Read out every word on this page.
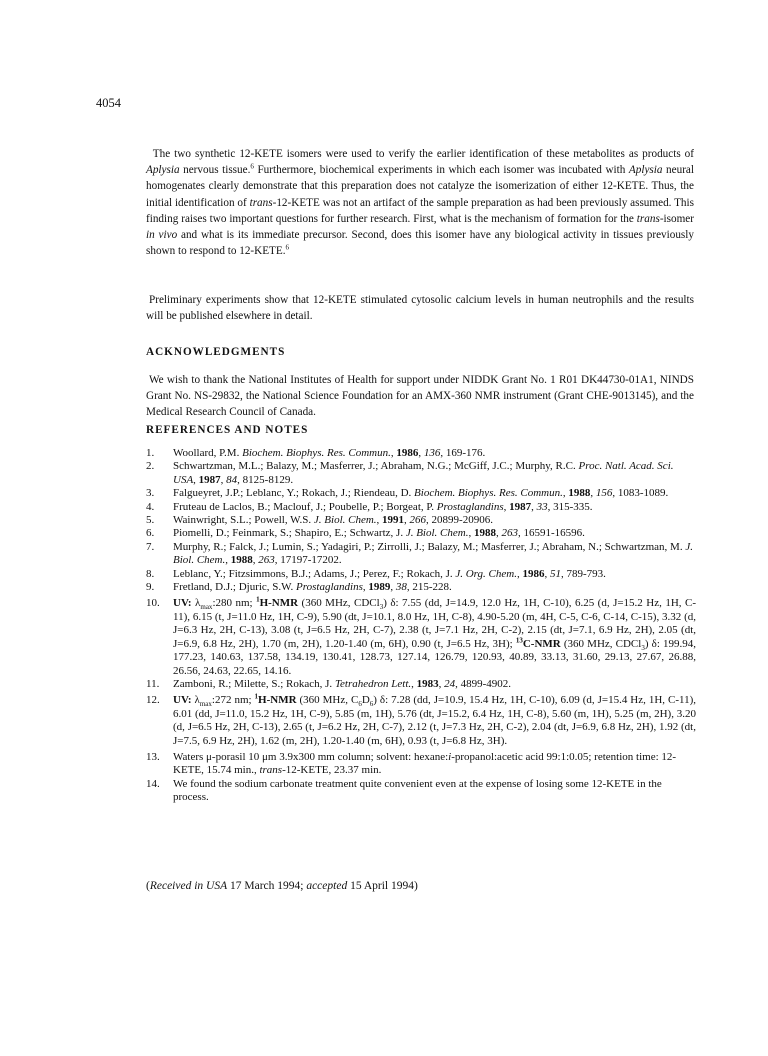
4054

The two synthetic 12-KETE isomers were used to verify the earlier identification of these metabolites as products of Aplysia nervous tissue.$^6$ Furthermore, biochemical experiments in which each isomer was incubated with Aplysia neural homogenates clearly demonstrate that this preparation does not catalyze the isomerization of either 12-KETE. Thus, the initial identification of trans-12-KETE was not an artifact of the sample preparation as had been previously assumed. This finding raises two important questions for further research. First, what is the mechanism of formation for the trans-isomer in vivo and what is its immediate precursor. Second, does this isomer have any biological activity in tissues previously shown to respond to 12-KETE.$^6$

Preliminary experiments show that 12-KETE stimulated cytosolic calcium levels in human neutrophils and the results will be published elsewhere in detail.

ACKNOWLEDGMENTS

We wish to thank the National Institutes of Health for support under NIDDK Grant No. 1 R01 DK44730-01A1, NINDS Grant No. NS-29832, the National Science Foundation for an AMX-360 NMR instrument (Grant CHE-9013145), and the Medical Research Council of Canada.

REFERENCES AND NOTES
1.	Woollard, P.M. Biochem. Biophys. Res. Commun., 1986, 136, 169-176.
2.	Schwartzman, M.L.; Balazy, M.; Masferrer, J.; Abraham, N.G.; McGiff, J.C.; Murphy, R.C. Proc. Natl. Acad. Sci. USA, 1987, 84, 8125-8129.
3.	Falgueyret, J.P.; Leblanc, Y.; Rokach, J.; Riendeau, D. Biochem. Biophys. Res. Commun., 1988, 156, 1083-1089.
4.	Fruteau de Laclos, B.; Maclouf, J.; Poubelle, P.; Borgeat, P. Prostaglandins, 1987, 33, 315-335.
5.	Wainwright, S.L.; Powell, W.S. J. Biol. Chem., 1991, 266, 20899-20906.
6.	Piomelli, D.; Feinmark, S.; Shapiro, E.; Schwartz, J. J. Biol. Chem., 1988, 263, 16591-16596.
7.	Murphy, R.; Falck, J.; Lumin, S.; Yadagiri, P.; Zirrolli, J.; Balazy, M.; Masferrer, J.; Abraham, N.; Schwartzman, M. J. Biol. Chem., 1988, 263, 17197-17202.
8.	Leblanc, Y.; Fitzsimmons, B.J.; Adams, J.; Perez, F.; Rokach, J. J. Org. Chem., 1986, 51, 789-793.
9.	Fretland, D.J.; Djuric, S.W. Prostaglandins, 1989, 38, 215-228.
10.	UV: $\lambda_{max}:280$ nm; $^1$H-NMR (360 MHz, CDCl$_3$) δ: 7.55 (dd, J=14.9, 12.0 Hz, 1H, C-10), 6.25 (d, J=15.2 Hz, 1H, C-11), 6.15 (t, J=11.0 Hz, 1H, C-9), 5.90 (dt, J=10.1, 8.0 Hz, 1H, C-8), 4.90-5.20 (m, 4H, C-5, C-6, C-14, C-15), 3.32 (d, J=6.3 Hz, 2H, C-13), 3.08 (t, J=6.5 Hz, 2H, C-7), 2.38 (t, J=7.1 Hz, 2H, C-2), 2.15 (dt, J=7.1, 6.9 Hz, 2H), 2.05 (dt, J=6.9, 6.8 Hz, 2H), 1.70 (m, 2H), 1.20-1.40 (m, 6H), 0.90 (t, J=6.5 Hz, 3H); $^{13}$C-NMR (360 MHz, CDCl$_3$) δ: 199.94, 177.23, 140.63, 137.58, 134.19, 130.41, 128.73, 127.14, 126.79, 120.93, 40.89, 33.13, 31.60, 29.13, 27.67, 26.88, 26.56, 24.63, 22.65, 14.16.
11.	Zamboni, R.; Milette, S.; Rokach, J. Tetrahedron Lett., 1983, 24, 4899-4902.
12.	UV: $\lambda_{max}:272$ nm; $^1$H-NMR (360 MHz, $C_6D_6$) δ: 7.28 (dd, J=10.9, 15.4 Hz, 1H, C-10), 6.09 (d, J=15.4 Hz, 1H, C-11), 6.01 (dd, J=11.0, 15.2 Hz, 1H, C-9), 5.85 (m, 1H), 5.76 (dt, J=15.2, 6.4 Hz, 1H, C-8), 5.60 (m, 1H), 5.25 (m, 2H), 3.20 (d, J=6.5 Hz, 2H, C-13), 2.65 (t, J=6.2 Hz, 2H, C-7), 2.12 (t, J=7.3 Hz, 2H, C-2), 2.04 (dt, J=6.9, 6.8 Hz, 2H), 1.92 (dt, J=7.5, 6.9 Hz, 2H), 1.62 (m, 2H), 1.20-1.40 (m, 6H), 0.93 (t, J=6.8 Hz, 3H).
13.	Waters μ-porasil 10 μm 3.9x300 mm column; solvent: hexane:i-propanol:acetic acid 99:1:0.05; retention time: 12-KETE, 15.74 min., trans-12-KETE, 23.37 min.
14.	We found the sodium carbonate treatment quite convenient even at the expense of losing some 12-KETE in the process.
(Received in USA 17 March 1994; accepted 15 April 1994)
